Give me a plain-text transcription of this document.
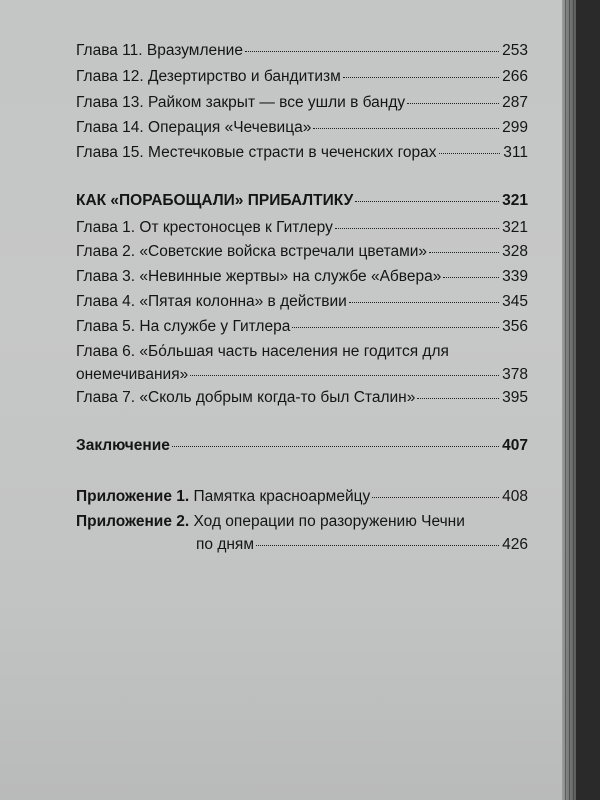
Глава 11. Вразумление	253
Глава 12. Дезертирство и бандитизм	266
Глава 13. Райком закрыт — все ушли в банду	287
Глава 14. Операция «Чечевица»	299
Глава 15. Местечковые страсти в чеченских горах	311
КАК «ПОРАБОЩАЛИ» ПРИБАЛТИКУ	321
Глава 1. От крестоносцев к Гитлеру	321
Глава 2. «Советские войска встречали цветами»	328
Глава 3. «Невинные жертвы» на службе «Абвера»	339
Глава 4. «Пятая колонна» в действии	345
Глава 5. На службе у Гитлера	356
Глава 6. «Бо́льшая часть населения не годится для
онемечивания»	378
Глава 7. «Сколь добрым когда-то был Сталин»	395
Заключение	407
Приложение 1. Памятка красноармейцу	408
Приложение 2. Ход операции по разоружению Чечни
по дням	426
